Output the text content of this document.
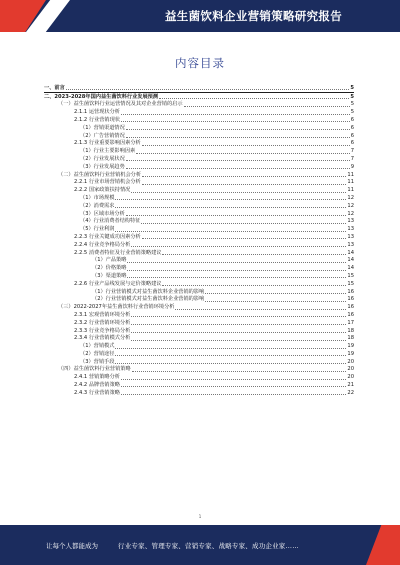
益生菌饮料企业营销策略研究报告
内容目录
一、前言	5
二、2023-2028年国内益生菌饮料行业发展预测	5
（一）益生菌饮料行业运营情况及其对企业营销的启示	5
2.1.1 运营现状分析	5
2.1.2 行业营销现状	6
（1）营销渠道情况	6
（2）广告营销情况	6
2.1.3 行业重要影响因素分析	6
（1）行业主要影响因素	7
（2）行业发展状况	7
（3）行业发展趋势	9
（二）益生菌饮料行业营销机会分析	11
2.2.1 行业市场营销机会分析	11
2.2.2 国家政策扶持情况	11
（1）市场规模	12
（2）消费需求	12
（3）区域市场分析	12
（4）行业消费者结构特征	13
（5）行业利润	13
2.2.3 行业关键成功因素分析	13
2.2.4 行业竞争格局分析	13
2.2.5 消费者特征及行业营销策略建议	14
（1）产品策略	14
（2）价格策略	14
（3）渠道策略	15
2.2.6 行业产品线发展与定价策略建议	15
（1）行业营销模式对益生菌饮料企业营销的影响	16
（2）行业营销模式对益生菌饮料企业营销的影响	16
（三）2022-2027年益生菌饮料行业营销环境分析	16
2.3.1 宏观营销环境分析	16
2.3.2 行业营销环境分析	17
2.3.3 行业竞争格局分析	18
2.3.4 行业营销模式分析	18
（1）营销模式	19
（2）营销途径	19
（3）营销手段	20
（四）益生菌饮料行业营销策略	20
2.4.1 营销策略分析	20
2.4.2 品牌营销策略	21
2.4.3 行业营销策略	22
1
让每个人都能成为	行业专家、管理专家、营销专家、战略专家、成功企业家……
